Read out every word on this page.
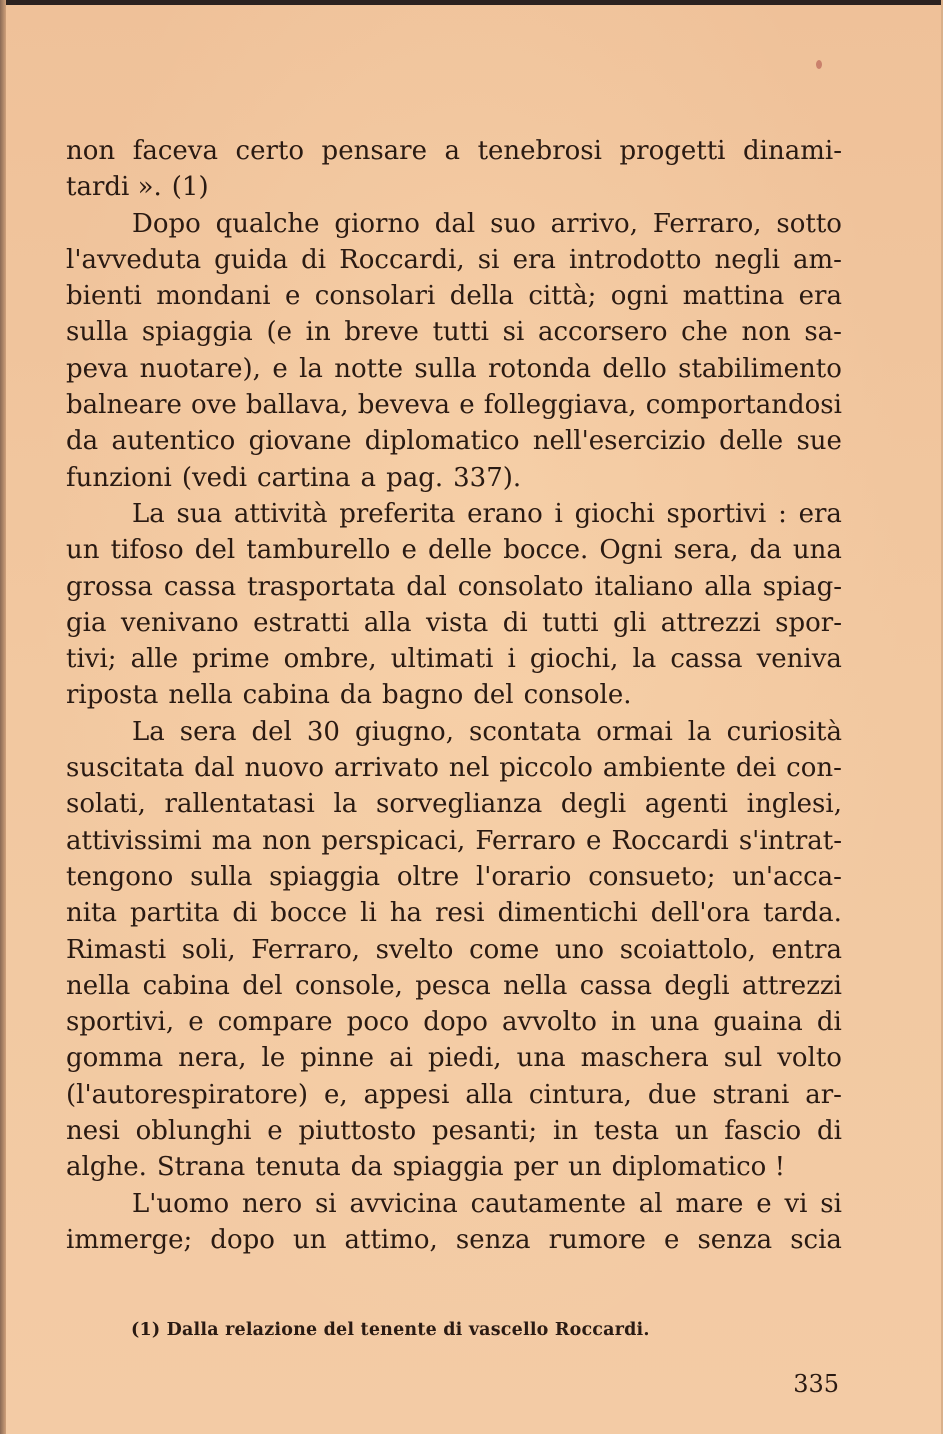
non faceva certo pensare a tenebrosi progetti dinami-
tardi ». (1)
Dopo qualche giorno dal suo arrivo, Ferraro, sotto
l'avveduta guida di Roccardi, si era introdotto negli am-
bienti mondani e consolari della città; ogni mattina era
sulla spiaggia (e in breve tutti si accorsero che non sa-
peva nuotare), e la notte sulla rotonda dello stabilimento
balneare ove ballava, beveva e folleggiava, comportandosi
da autentico giovane diplomatico nell'esercizio delle sue
funzioni (vedi cartina a pag. 337).
La sua attività preferita erano i giochi sportivi : era
un tifoso del tamburello e delle bocce. Ogni sera, da una
grossa cassa trasportata dal consolato italiano alla spiag-
gia venivano estratti alla vista di tutti gli attrezzi spor-
tivi; alle prime ombre, ultimati i giochi, la cassa veniva
riposta nella cabina da bagno del console.
La sera del 30 giugno, scontata ormai la curiosità
suscitata dal nuovo arrivato nel piccolo ambiente dei con-
solati, rallentatasi la sorveglianza degli agenti inglesi,
attivissimi ma non perspicaci, Ferraro e Roccardi s'intrat-
tengono sulla spiaggia oltre l'orario consueto; un'acca-
nita partita di bocce li ha resi dimentichi dell'ora tarda.
Rimasti soli, Ferraro, svelto come uno scoiattolo, entra
nella cabina del console, pesca nella cassa degli attrezzi
sportivi, e compare poco dopo avvolto in una guaina di
gomma nera, le pinne ai piedi, una maschera sul volto
(l'autorespiratore) e, appesi alla cintura, due strani ar-
nesi oblunghi e piuttosto pesanti; in testa un fascio di
alghe. Strana tenuta da spiaggia per un diplomatico !
L'uomo nero si avvicina cautamente al mare e vi si
immerge; dopo un attimo, senza rumore e senza scia
(1) Dalla relazione del tenente di vascello Roccardi.
335
